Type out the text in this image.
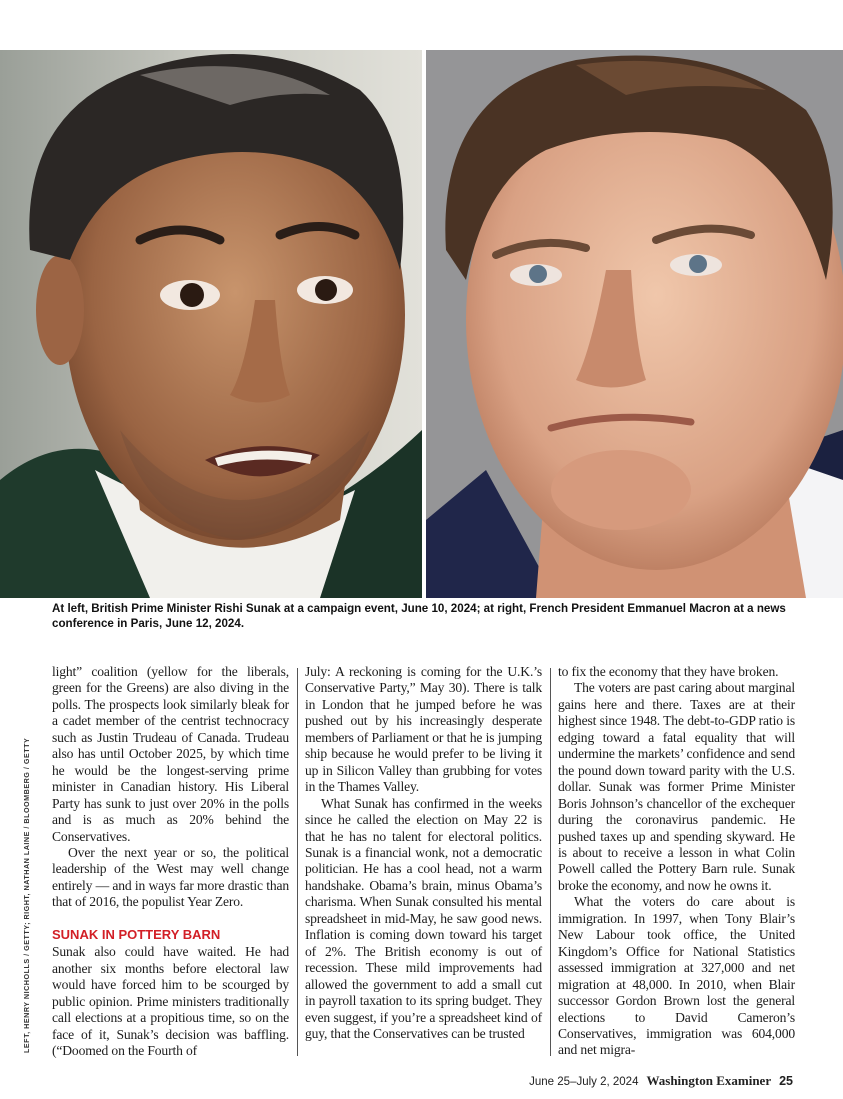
At left, British Prime Minister Rishi Sunak at a campaign event, June 10, 2024; at right, French President Emmanuel Macron at a news conference in Paris, June 12, 2024.
LEFT, HENRY NICHOLLS / GETTY; RIGHT, NATHAN LAINE / BLOOMBERG / GETTY

light” coalition (yellow for the liberals, green for the Greens) are also diving in the polls. The prospects look similarly bleak for a cadet member of the centrist technocracy such as Justin Trudeau of Canada. Trudeau also has until October 2025, by which time he would be the longest-serving prime minister in Canadian history. His Liberal Party has sunk to just over 20% in the polls and is as much as 20% behind the Conservatives.

Over the next year or so, the political leadership of the West may well change entirely — and in ways far more drastic than that of 2016, the populist Year Zero.

SUNAK IN POTTERY BARN

Sunak also could have waited. He had another six months before electoral law would have forced him to be scourged by public opinion. Prime ministers traditionally call elections at a propitious time, so on the face of it, Sunak’s decision was baffling. (“Doomed on the Fourth of

July: A reckoning is coming for the U.K.’s Conservative Party,” May 30). There is talk in London that he jumped before he was pushed out by his increasingly desperate members of Parliament or that he is jumping ship because he would prefer to be living it up in Silicon Valley than grubbing for votes in the Thames Valley.

What Sunak has confirmed in the weeks since he called the election on May 22 is that he has no talent for electoral politics. Sunak is a financial wonk, not a democratic politician. He has a cool head, not a warm handshake. Obama’s brain, minus Obama’s charisma. When Sunak consulted his mental spreadsheet in mid-May, he saw good news. Inflation is coming down toward his target of 2%. The British economy is out of recession. These mild improvements had allowed the government to add a small cut in payroll taxation to its spring budget. They even suggest, if you’re a spreadsheet kind of guy, that the Conservatives can be trusted

to fix the economy that they have broken.

The voters are past caring about marginal gains here and there. Taxes are at their highest since 1948. The debt-to-GDP ratio is edging toward a fatal equality that will undermine the markets’ confidence and send the pound down toward parity with the U.S. dollar. Sunak was former Prime Minister Boris Johnson’s chancellor of the exchequer during the coronavirus pandemic. He pushed taxes up and spending skyward. He is about to receive a lesson in what Colin Powell called the Pottery Barn rule. Sunak broke the economy, and now he owns it.

What the voters do care about is immigration. In 1997, when Tony Blair’s New Labour took office, the United Kingdom’s Office for National Statistics assessed immigration at 327,000 and net migration at 48,000. In 2010, when Blair successor Gordon Brown lost the general elections to David Cameron’s Conservatives, immigration was 604,000 and net migra-

June 25–July 2, 2024 Washington Examiner 25
